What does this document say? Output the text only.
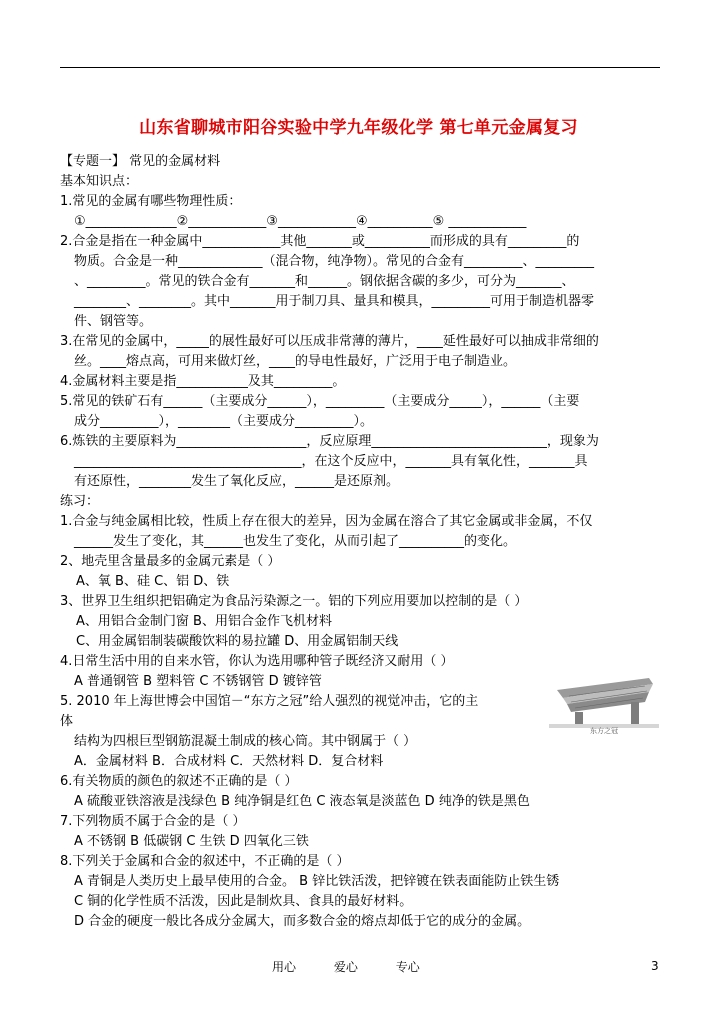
山东省聊城市阳谷实验中学九年级化学 第七单元金属复习
【专题一】 常见的金属材料
基本知识点：
1.常见的金属有哪些物理性质：
①______________②____________③____________④__________⑤ ____________
2.合金是指在一种金属中____________其他_______或__________而形成的具有_________的
物质。合金是一种_____________（混合物，纯净物）。常见的合金有_________、_________
、_________。常见的铁合金有_______和______。钢依据含碳的多少，可分为_______、
________、________。其中_______用于制刀具、量具和模具，_________可用于制造机器零
件、钢管等。
3.在常见的金属中，_____的展性最好可以压成非常薄的薄片，____延性最好可以抽成非常细的
丝。____熔点高，可用来做灯丝，____的导电性最好，广泛用于电子制造业。
4.金属材料主要是指___________及其_________。
5.常见的铁矿石有______（主要成分______），_________（主要成分_____），______（主要
成分_________），________（主要成分_________）。
6.炼铁的主要原料为____________________，反应原理___________________________，现象为
___________________________________，在这个反应中，_______具有氧化性，_______具
有还原性，________发生了氧化反应，______是还原剂。
练习：
1.合金与纯金属相比较，性质上存在很大的差异，因为金属在溶合了其它金属或非金属，不仅
______发生了变化，其______也发生了变化，从而引起了__________的变化。
2、地壳里含量最多的金属元素是（ ）
A、氧 B、硅 C、铝 D、铁
3、世界卫生组织把铝确定为食品污染源之一。铝的下列应用要加以控制的是（ ）
A、用铝合金制门窗 B、用铝合金作飞机材料
C、用金属铝制装碳酸饮料的易拉罐 D、用金属铝制天线
4.日常生活中用的自来水管，你认为选用哪种管子既经济又耐用（ ）
A 普通钢管 B 塑料管 C 不锈钢管 D 镀锌管
5. 2010 年上海世博会中国馆－“东方之冠”给人强烈的视觉冲击，它的主
体
结构为四根巨型钢筋混凝土制成的核心筒。其中钢属于（ ）
A．金属材料 B．合成材料 C．天然材料 D．复合材料
6.有关物质的颜色的叙述不正确的是（ ）
A 硫酸亚铁溶液是浅绿色 B 纯净铜是红色 C 液态氧是淡蓝色 D 纯净的铁是黑色
7.下列物质不属于合金的是（ ）
A 不锈钢 B 低碳钢 C 生铁 D 四氧化三铁
8.下列关于金属和合金的叙述中，不正确的是（ ）
A 青铜是人类历史上最早使用的合金。 B 锌比铁活泼，把锌镀在铁表面能防止铁生锈
C 铜的化学性质不活泼，因此是制炊具、食具的最好材料。
D 合金的硬度一般比各成分金属大，而多数合金的熔点却低于它的成分的金属。
东方之冠
用心	爱心	专心	3
